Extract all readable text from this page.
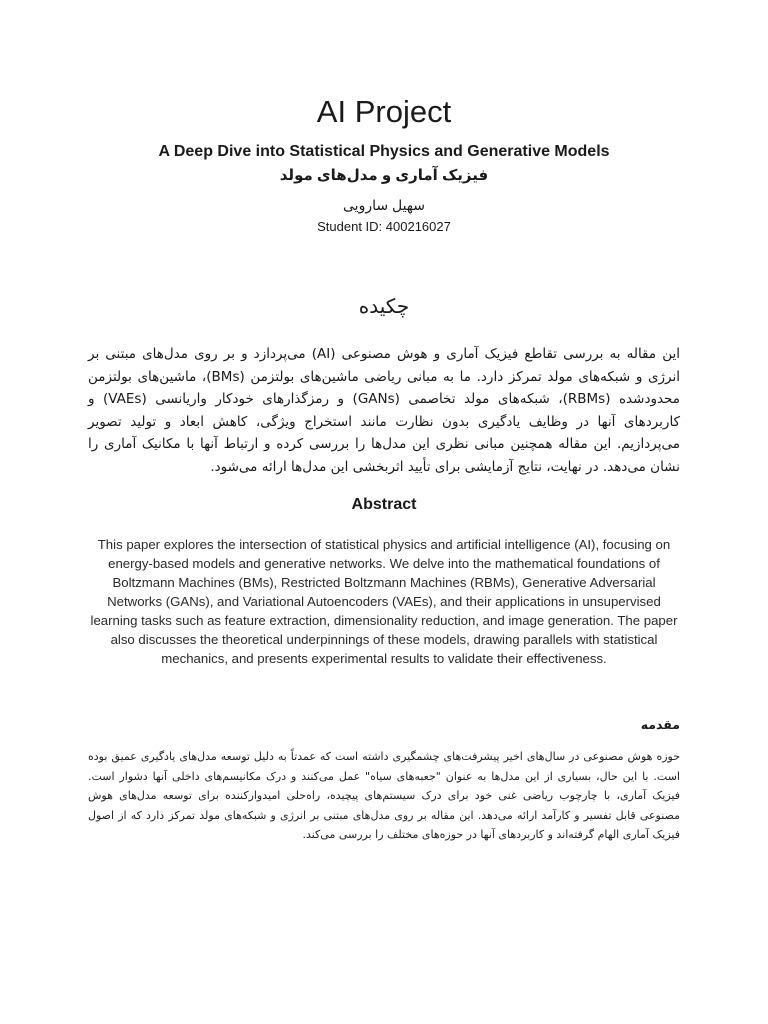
AI Project
A Deep Dive into Statistical Physics and Generative Models
فیزیک آماری و مدل‌های مولد
سهیل سارویی
Student ID: 400216027
چکیده
این مقاله به بررسی تقاطع فیزیک آماری و هوش مصنوعی (AI) می‌پردازد و بر روی مدل‌های مبتنی بر انرژی و شبکه‌های مولد تمرکز دارد. ما به مبانی ریاضی ماشین‌های بولتزمن (BMs)، ماشین‌های بولتزمن محدودشده (RBMs)، شبکه‌های مولد تخاصمی (GANs) و رمزگذارهای خودکار واریانسی (VAEs) و کاربردهای آنها در وظایف یادگیری بدون نظارت مانند استخراج ویژگی، کاهش ابعاد و تولید تصویر می‌پردازیم. این مقاله همچنین مبانی نظری این مدل‌ها را بررسی کرده و ارتباط آنها با مکانیک آماری را نشان می‌دهد. در نهایت، نتایج آزمایشی برای تأیید اثربخشی این مدل‌ها ارائه می‌شود.
Abstract
This paper explores the intersection of statistical physics and artificial intelligence (AI), focusing on energy-based models and generative networks. We delve into the mathematical foundations of Boltzmann Machines (BMs), Restricted Boltzmann Machines (RBMs), Generative Adversarial Networks (GANs), and Variational Autoencoders (VAEs), and their applications in unsupervised learning tasks such as feature extraction, dimensionality reduction, and image generation. The paper also discusses the theoretical underpinnings of these models, drawing parallels with statistical mechanics, and presents experimental results to validate their effectiveness.
مقدمه
حوزه هوش مصنوعی در سال‌های اخیر پیشرفت‌های چشمگیری داشته است که عمدتاً به دلیل توسعه مدل‌های یادگیری عمیق بوده است. با این حال، بسیاری از این مدل‌ها به عنوان "جعبه‌های سیاه" عمل می‌کنند و درک مکانیسم‌های داخلی آنها دشوار است. فیزیک آماری، با چارچوب ریاضی غنی خود برای درک سیستم‌های پیچیده، راه‌حلی امیدوارکننده برای توسعه مدل‌های هوش مصنوعی قابل تفسیر و کارآمد ارائه می‌دهد. این مقاله بر روی مدل‌های مبتنی بر انرژی و شبکه‌های مولد تمرکز دارد که از اصول فیزیک آماری الهام گرفته‌اند و کاربردهای آنها در حوزه‌های مختلف را بررسی می‌کند.
